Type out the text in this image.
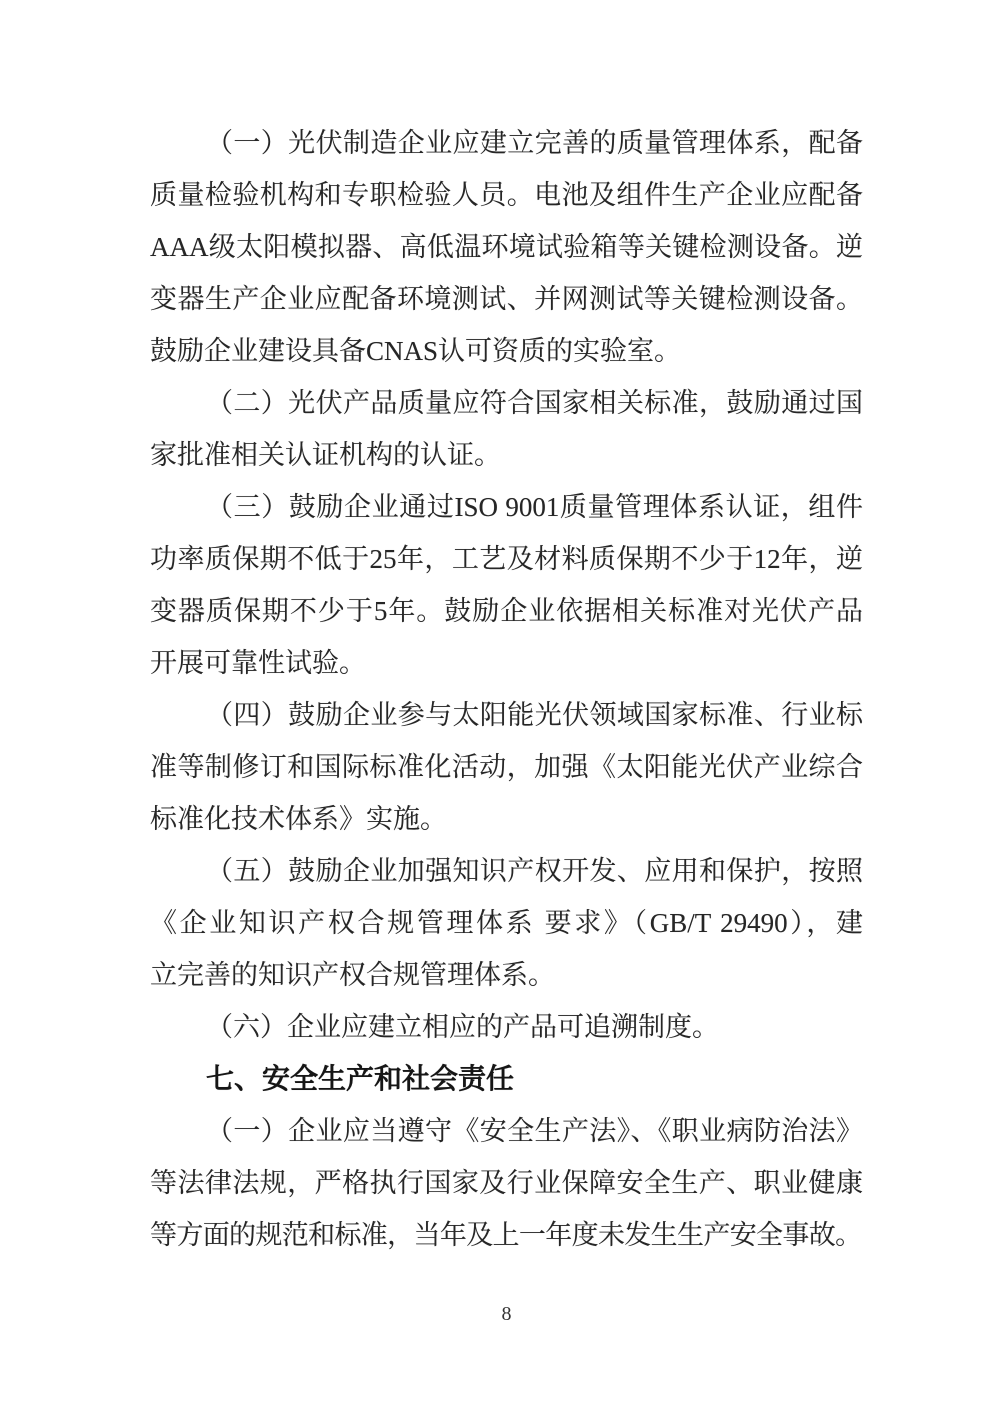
（一）光伏制造企业应建立完善的质量管理体系，配备
质量检验机构和专职检验人员。电池及组件生产企业应配备
AAA级太阳模拟器、高低温环境试验箱等关键检测设备。逆
变器生产企业应配备环境测试、并网测试等关键检测设备。
鼓励企业建设具备CNAS认可资质的实验室。
（二）光伏产品质量应符合国家相关标准，鼓励通过国
家批准相关认证机构的认证。
（三）鼓励企业通过ISO 9001质量管理体系认证，组件
功率质保期不低于25年，工艺及材料质保期不少于12年，逆
变器质保期不少于5年。鼓励企业依据相关标准对光伏产品
开展可靠性试验。
（四）鼓励企业参与太阳能光伏领域国家标准、行业标
准等制修订和国际标准化活动，加强《太阳能光伏产业综合
标准化技术体系》实施。
（五）鼓励企业加强知识产权开发、应用和保护，按照
《企业知识产权合规管理体系 要求》（GB/T 29490），建
立完善的知识产权合规管理体系。
（六）企业应建立相应的产品可追溯制度。
七、安全生产和社会责任
（一）企业应当遵守《安全生产法》、《职业病防治法》
等法律法规，严格执行国家及行业保障安全生产、职业健康
等方面的规范和标准，当年及上一年度未发生生产安全事故。
8
